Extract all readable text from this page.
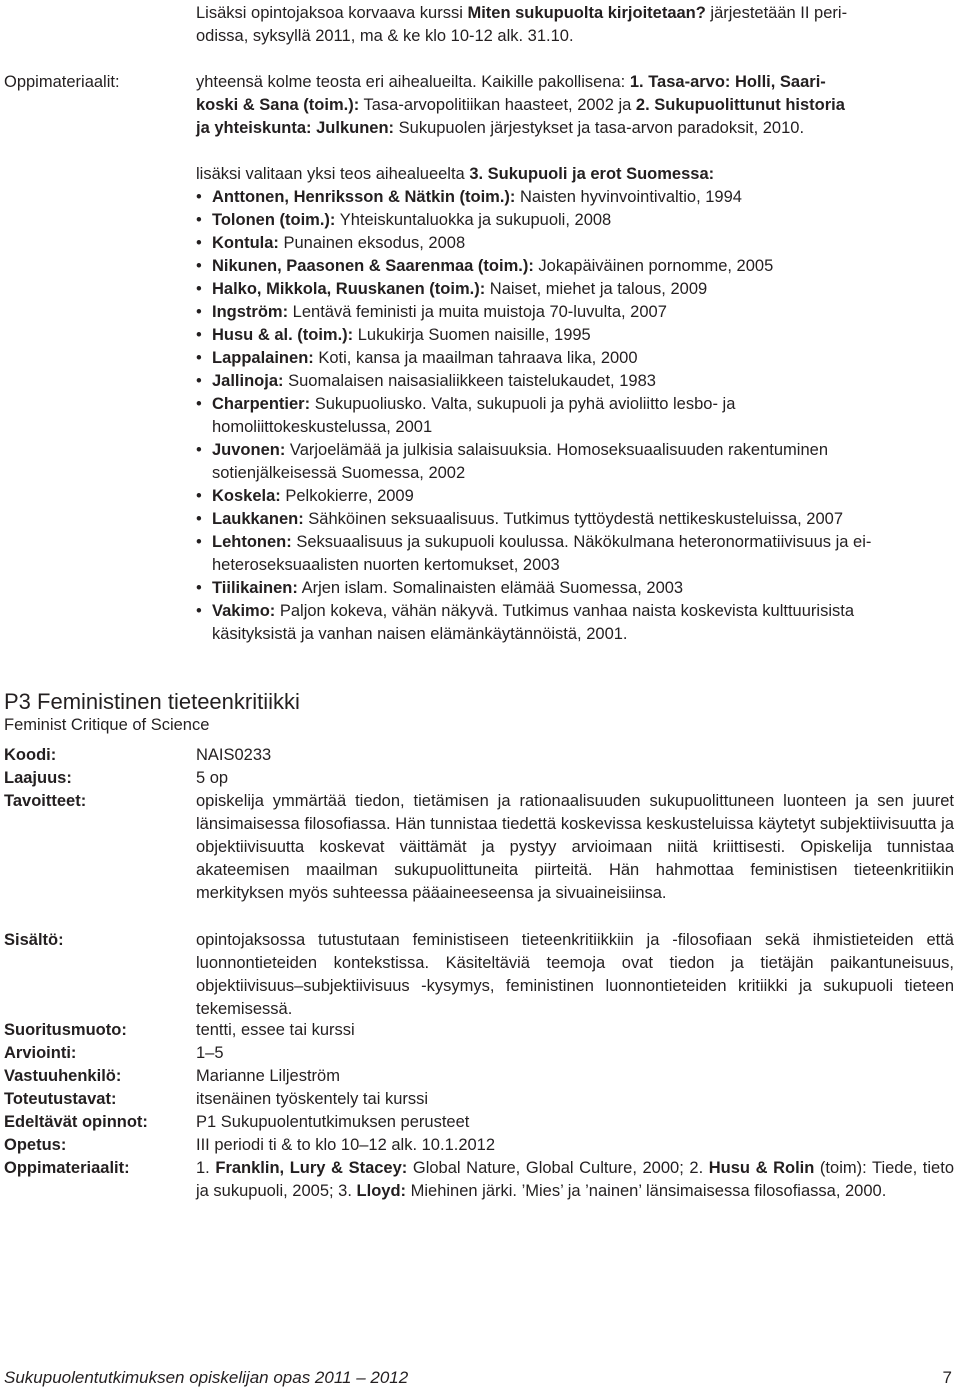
Lisäksi opintojaksoa korvaava kurssi Miten sukupuolta kirjoitetaan? järjestetään II peri-
odissa, syksyllä 2011, ma & ke klo 10-12 alk. 31.10.
Oppimateriaalit:	yhteensä kolme teosta eri aihealueilta. Kaikille pakollisena: 1. Tasa-arvo: Holli, Saari-
koski & Sana (toim.): Tasa-arvopolitiikan haasteet, 2002 ja 2. Sukupuolittunut historia
ja yhteiskunta: Julkunen: Sukupuolen järjestykset ja tasa-arvon paradoksit, 2010.
lisäksi valitaan yksi teos aihealueelta 3. Sukupuoli ja erot Suomessa:
• Anttonen, Henriksson & Nätkin (toim.): Naisten hyvinvointivaltio, 1994
• Tolonen (toim.): Yhteiskuntaluokka ja sukupuoli, 2008
• Kontula: Punainen eksodus, 2008
• Nikunen, Paasonen & Saarenmaa (toim.): Jokapäiväinen pornomme, 2005
• Halko, Mikkola, Ruuskanen (toim.): Naiset, miehet ja talous, 2009
• Ingström: Lentävä feministi ja muita muistoja 70-luvulta, 2007
• Husu & al. (toim.): Lukukirja Suomen naisille, 1995
• Lappalainen: Koti, kansa ja maailman tahraava lika, 2000
• Jallinoja: Suomalaisen naisasialiikkeen taistelukaudet, 1983
• Charpentier: Sukupuoliusko. Valta, sukupuoli ja pyhä avioliitto lesbo- ja homoliittokeskustelussa, 2001
• Juvonen: Varjoelämää ja julkisia salaisuuksia. Homoseksuaalisuuden rakentuminen sotienjälkeisessä Suomessa, 2002
• Koskela: Pelkokierre, 2009
• Laukkanen: Sähköinen seksuaalisuus. Tutkimus tyttöydestä nettikeskusteluissa, 2007
• Lehtonen: Seksuaalisuus ja sukupuoli koulussa. Näkökulmana heteronormatiivisuus ja ei-heteroseksuaalisten nuorten kertomukset, 2003
• Tiilikainen: Arjen islam. Somalinaisten elämää Suomessa, 2003
• Vakimo: Paljon kokeva, vähän näkyvä. Tutkimus vanhaa naista koskevista kulttuurisista käsityksistä ja vanhan naisen elämänkäytännöistä, 2001.
P3 Feministinen tieteenkritiikki
Feminist Critique of Science
Koodi:	NAIS0233
Laajuus:	5 op
Tavoitteet:	opiskelija ymmärtää tiedon, tietämisen ja rationaalisuuden sukupuolittuneen luonteen ja sen juuret länsimaisessa filosofiassa. Hän tunnistaa tiedettä koskevissa keskusteluissa käytetyt subjektiivisuutta ja objektiivisuutta koskevat väittämät ja pystyy arvioimaan niitä kriittisesti. Opiskelija tunnistaa akateemisen maailman sukupuolittuneita piirteitä. Hän hahmottaa feministisen tieteenkritiikin merkityksen myös suhteessa pääaineeseensa ja sivuaineisiinsa.
Sisältö:	opintojaksossa tutustutaan feministiseen tieteenkritiikkiin ja -filosofiaan sekä ihmistieteiden että luonnontieteiden kontekstissa. Käsiteltäviä teemoja ovat tiedon ja tietäjän paikantuneisuus, objektiivisuus–subjektiivisuus -kysymys, feministinen luonnontieteiden kritiikki ja sukupuoli tieteen tekemisessä.
Suoritusmuoto:	tentti, essee tai kurssi
Arviointi:	1–5
Vastuuhenkilö:	Marianne Liljeström
Toteutustavat:	itsenäinen työskentely tai kurssi
Edeltävät opinnot:	P1 Sukupuolentutkimuksen perusteet
Opetus:	III periodi ti & to klo 10–12 alk. 10.1.2012
Oppimateriaalit:	1. Franklin, Lury & Stacey: Global Nature, Global Culture, 2000; 2. Husu & Rolin (toim): Tiede, tieto ja sukupuoli, 2005; 3. Lloyd: Miehinen järki. ’Mies’ ja ’nainen’ länsimaisessa filosofiassa, 2000.
Sukupuolentutkimuksen opiskelijan opas 2011 – 2012	7
